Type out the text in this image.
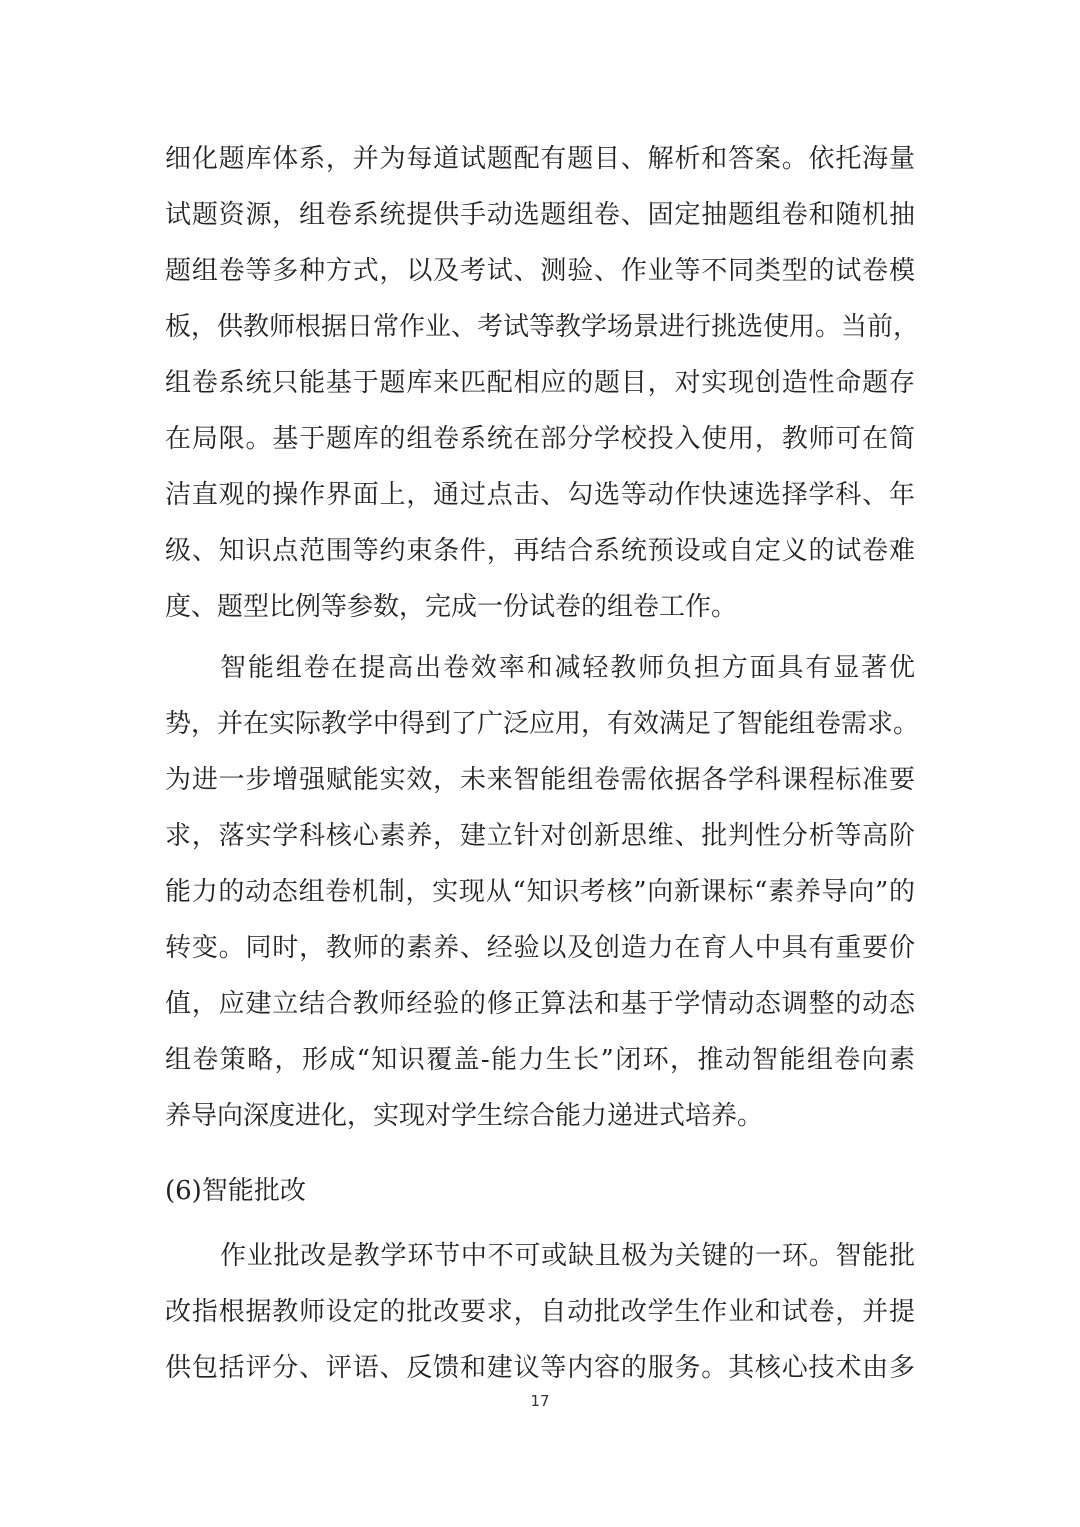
细化题库体系，并为每道试题配有题目、解析和答案。依托海量
试题资源，组卷系统提供手动选题组卷、固定抽题组卷和随机抽
题组卷等多种方式，以及考试、测验、作业等不同类型的试卷模
板，供教师根据日常作业、考试等教学场景进行挑选使用。当前，
组卷系统只能基于题库来匹配相应的题目，对实现创造性命题存
在局限。基于题库的组卷系统在部分学校投入使用，教师可在简
洁直观的操作界面上，通过点击、勾选等动作快速选择学科、年
级、知识点范围等约束条件，再结合系统预设或自定义的试卷难
度、题型比例等参数，完成一份试卷的组卷工作。
智能组卷在提高出卷效率和减轻教师负担方面具有显著优
势，并在实际教学中得到了广泛应用，有效满足了智能组卷需求。
为进一步增强赋能实效，未来智能组卷需依据各学科课程标准要
求，落实学科核心素养，建立针对创新思维、批判性分析等高阶
能力的动态组卷机制，实现从“知识考核”向新课标“素养导向”的
转变。同时，教师的素养、经验以及创造力在育人中具有重要价
值，应建立结合教师经验的修正算法和基于学情动态调整的动态
组卷策略，形成“知识覆盖-能力生长”闭环，推动智能组卷向素
养导向深度进化，实现对学生综合能力递进式培养。
(6)智能批改
作业批改是教学环节中不可或缺且极为关键的一环。智能批
改指根据教师设定的批改要求，自动批改学生作业和试卷，并提
供包括评分、评语、反馈和建议等内容的服务。其核心技术由多
17
